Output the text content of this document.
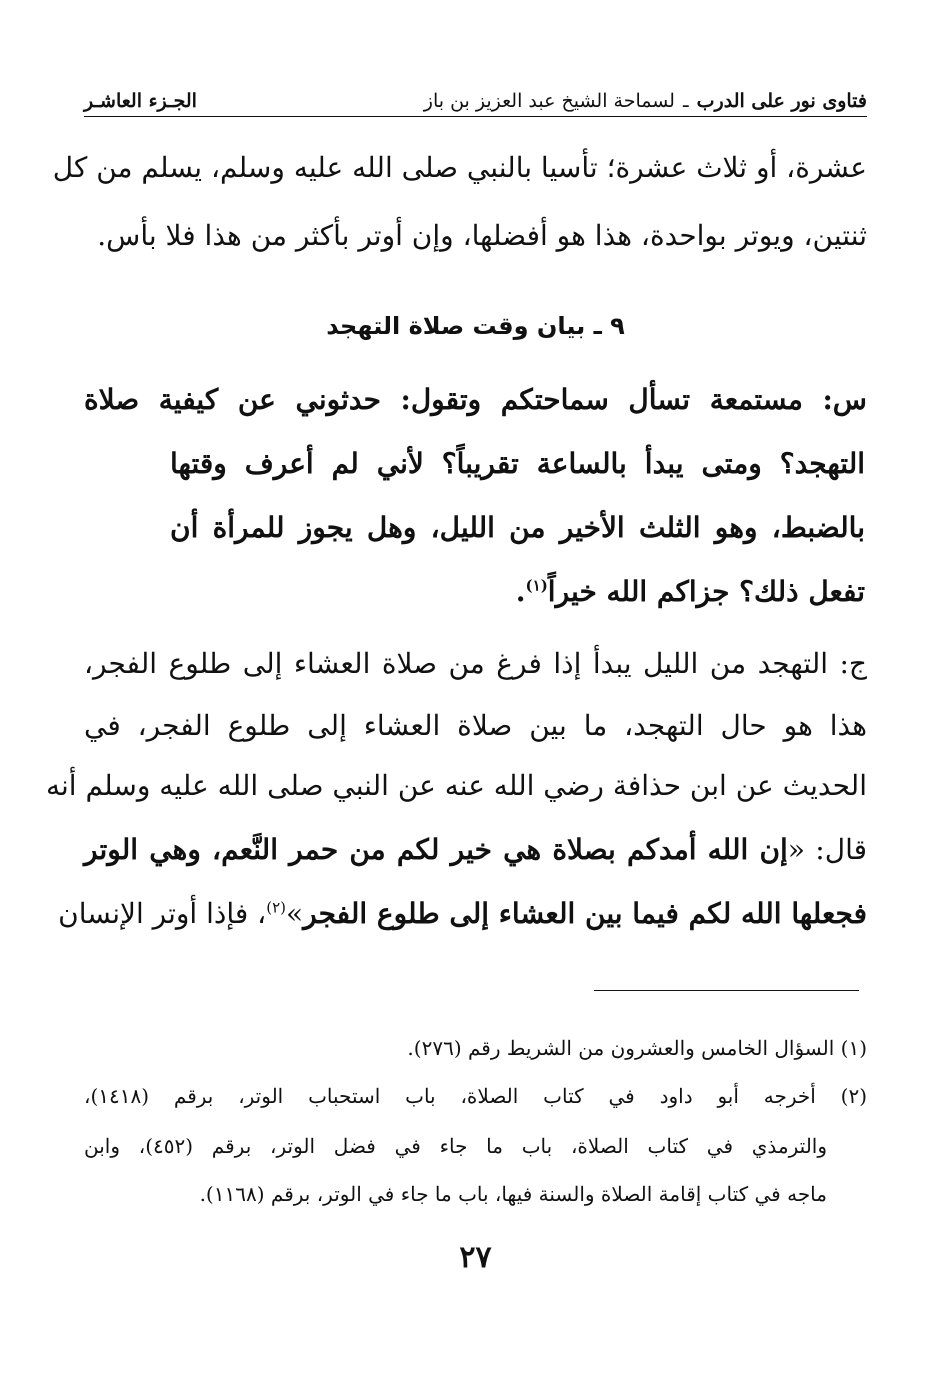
فتاوى نور على الدرب ـ لسماحة الشيخ عبد العزيز بن باز
الجـزء العاشـر
عشرة، أو ثلاث عشرة؛ تأسيا بالنبي صلى الله عليه وسلم، يسلم من كل
ثنتين، ويوتر بواحدة، هذا هو أفضلها، وإن أوتر بأكثر من هذا فلا بأس.
٩ ـ بيان وقت صلاة التهجد
س: مستمعة تسأل سماحتكم وتقول: حدثوني عن كيفية صلاة
التهجد؟ ومتى يبدأ بالساعة تقريباً؟ لأني لم أعرف وقتها
بالضبط، وهو الثلث الأخير من الليل، وهل يجوز للمرأة أن
تفعل ذلك؟ جزاكم الله خيراً$^{(١)}$.
ج: التهجد من الليل يبدأ إذا فرغ من صلاة العشاء إلى طلوع الفجر،
هذا هو حال التهجد، ما بين صلاة العشاء إلى طلوع الفجر، في
الحديث عن ابن حذافة رضي الله عنه عن النبي صلى الله عليه وسلم أنه
قال: «إن الله أمدكم بصلاة هي خير لكم من حمر النَّعم، وهي الوتر
فجعلها الله لكم فيما بين العشاء إلى طلوع الفجر»$^{(٢)}$، فإذا أوتر الإنسان
(١) السؤال الخامس والعشرون من الشريط رقم (٢٧٦).
(٢) أخرجه أبو داود في كتاب الصلاة، باب استحباب الوتر، برقم (١٤١٨)،
والترمذي في كتاب الصلاة، باب ما جاء في فضل الوتر، برقم (٤٥٢)، وابن
ماجه في كتاب إقامة الصلاة والسنة فيها، باب ما جاء في الوتر، برقم (١١٦٨).
٢٧
